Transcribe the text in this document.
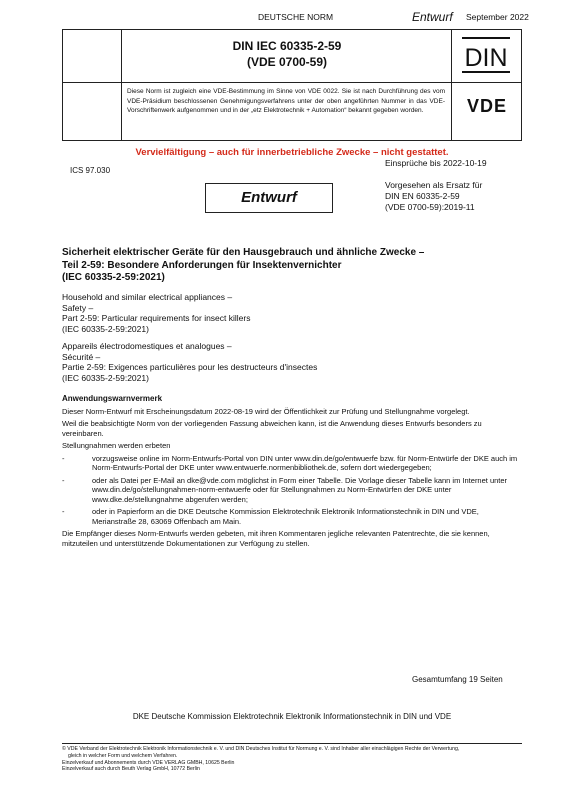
DEUTSCHE NORM	Entwurf September 2022
DIN IEC 60335-2-59
(VDE 0700-59)
Diese Norm ist zugleich eine VDE-Bestimmung im Sinne von VDE 0022. Sie ist nach Durchführung des vom VDE-Präsidium beschlossenen Genehmigungsverfahrens unter der oben angeführten Nummer in das VDE-Vorschriftenwerk aufgenommen und in der „etz Elektrotechnik + Automation“ bekannt gegeben worden.
DIN
VDE
Vervielfältigung – auch für innerbetriebliche Zwecke – nicht gestattet.
ICS 97.030
Einsprüche bis 2022-10-19
Vorgesehen als Ersatz für
DIN EN 60335-2-59
(VDE 0700-59):2019-11
Entwurf
Sicherheit elektrischer Geräte für den Hausgebrauch und ähnliche Zwecke –
Teil 2-59: Besondere Anforderungen für Insektenvernichter
(IEC 60335-2-59:2021)
Household and similar electrical appliances –
Safety –
Part 2-59: Particular requirements for insect killers
(IEC 60335-2-59:2021)
Appareils électrodomestiques et analogues –
Sécurité –
Partie 2-59: Exigences particulières pour les destructeurs d'insectes
(IEC 60335-2-59:2021)

Anwendungswarnvermerk

Dieser Norm-Entwurf mit Erscheinungsdatum 2022-08-19 wird der Öffentlichkeit zur Prüfung und Stellungnahme vorgelegt.

Weil die beabsichtigte Norm von der vorliegenden Fassung abweichen kann, ist die Anwendung dieses Entwurfs besonders zu vereinbaren.

Stellungnahmen werden erbeten

-	vorzugsweise online im Norm-Entwurfs-Portal von DIN unter www.din.de/go/entwuerfe bzw. für Norm-Entwürfe der DKE auch im Norm-Entwurfs-Portal der DKE unter www.entwuerfe.normenbibliothek.de, sofern dort wiedergegeben;
-	oder als Datei per E-Mail an dke@vde.com möglichst in Form einer Tabelle. Die Vorlage dieser Tabelle kann im Internet unter www.din.de/go/stellungnahmen-norm-entwuerfe oder für Stellungnahmen zu Norm-Entwürfen der DKE unter www.dke.de/stellungnahme abgerufen werden;
-	oder in Papierform an die DKE Deutsche Kommission Elektrotechnik Elektronik Informationstechnik in DIN und VDE, Merianstraße 28, 63069 Offenbach am Main.

Die Empfänger dieses Norm-Entwurfs werden gebeten, mit ihren Kommentaren jegliche relevanten Patentrechte, die sie kennen, mitzuteilen und unterstützende Dokumentationen zur Verfügung zu stellen.

Gesamtumfang 19 Seiten
DKE Deutsche Kommission Elektrotechnik Elektronik Informationstechnik in DIN und VDE
© VDE Verband der Elektrotechnik Elektronik Informationstechnik e. V. und DIN Deutsches Institut für Normung e. V. sind Inhaber aller einschlägigen Rechte der Verwertung,
gleich in welcher Form und welchem Verfahren.
Einzelverkauf und Abonnements durch VDE VERLAG GMBH, 10625 Berlin
Einzelverkauf auch durch Beuth Verlag GmbH, 10772 Berlin
